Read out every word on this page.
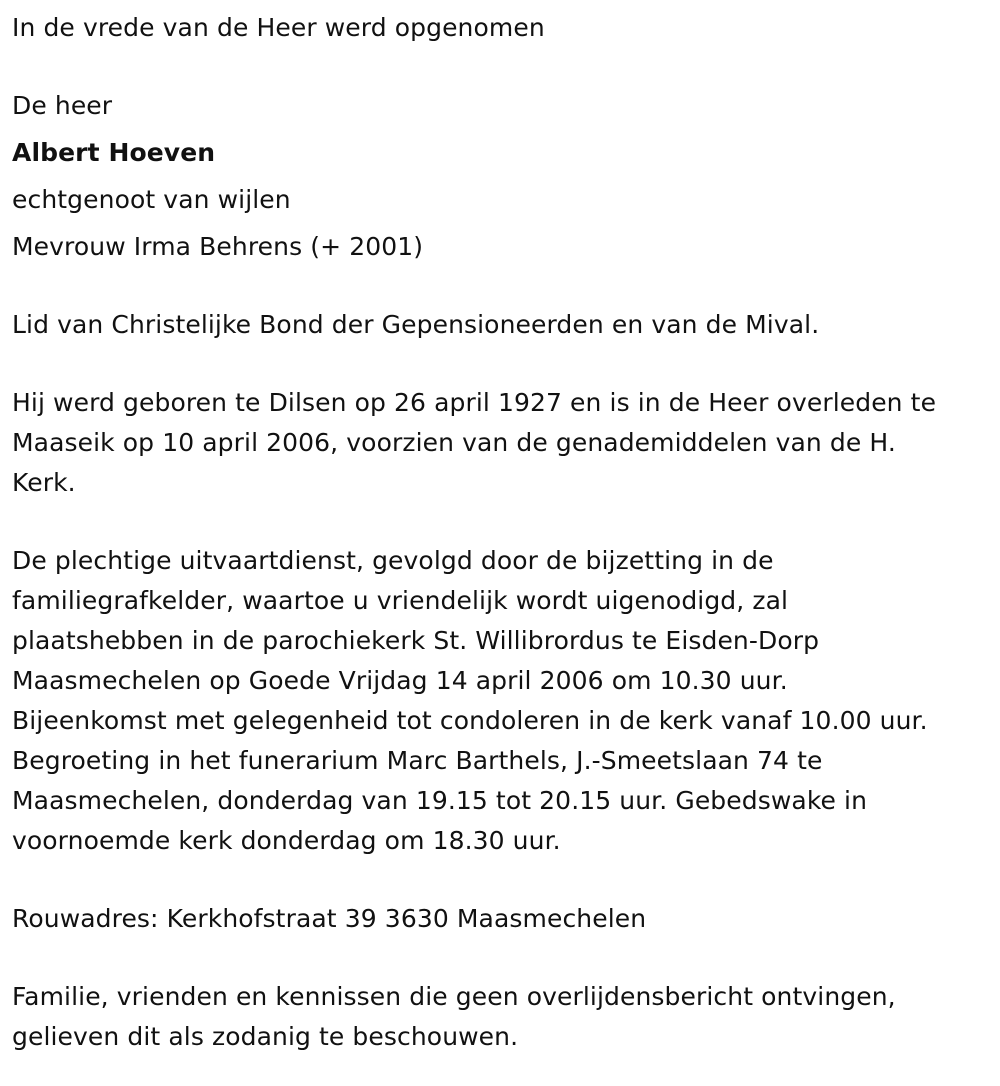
In de vrede van de Heer werd opgenomen

De heer

Albert Hoeven

echtgenoot van wijlen

Mevrouw Irma Behrens (+ 2001)

Lid van Christelijke Bond der Gepensioneerden en van de Mival.

Hij werd geboren te Dilsen op 26 april 1927 en is in de Heer overleden te

Maaseik op 10 april 2006, voorzien van de genademiddelen van de H.

Kerk.

De plechtige uitvaartdienst, gevolgd door de bijzetting in de

familiegrafkelder, waartoe u vriendelijk wordt uigenodigd, zal

plaatshebben in de parochiekerk St. Willibrordus te Eisden-Dorp

Maasmechelen op Goede Vrijdag 14 april 2006 om 10.30 uur.

Bijeenkomst met gelegenheid tot condoleren in de kerk vanaf 10.00 uur.

Begroeting in het funerarium Marc Barthels, J.-Smeetslaan 74 te

Maasmechelen, donderdag van 19.15 tot 20.15 uur. Gebedswake in

voornoemde kerk donderdag om 18.30 uur.

Rouwadres: Kerkhofstraat 39 3630 Maasmechelen

Familie, vrienden en kennissen die geen overlijdensbericht ontvingen,

gelieven dit als zodanig te beschouwen.
